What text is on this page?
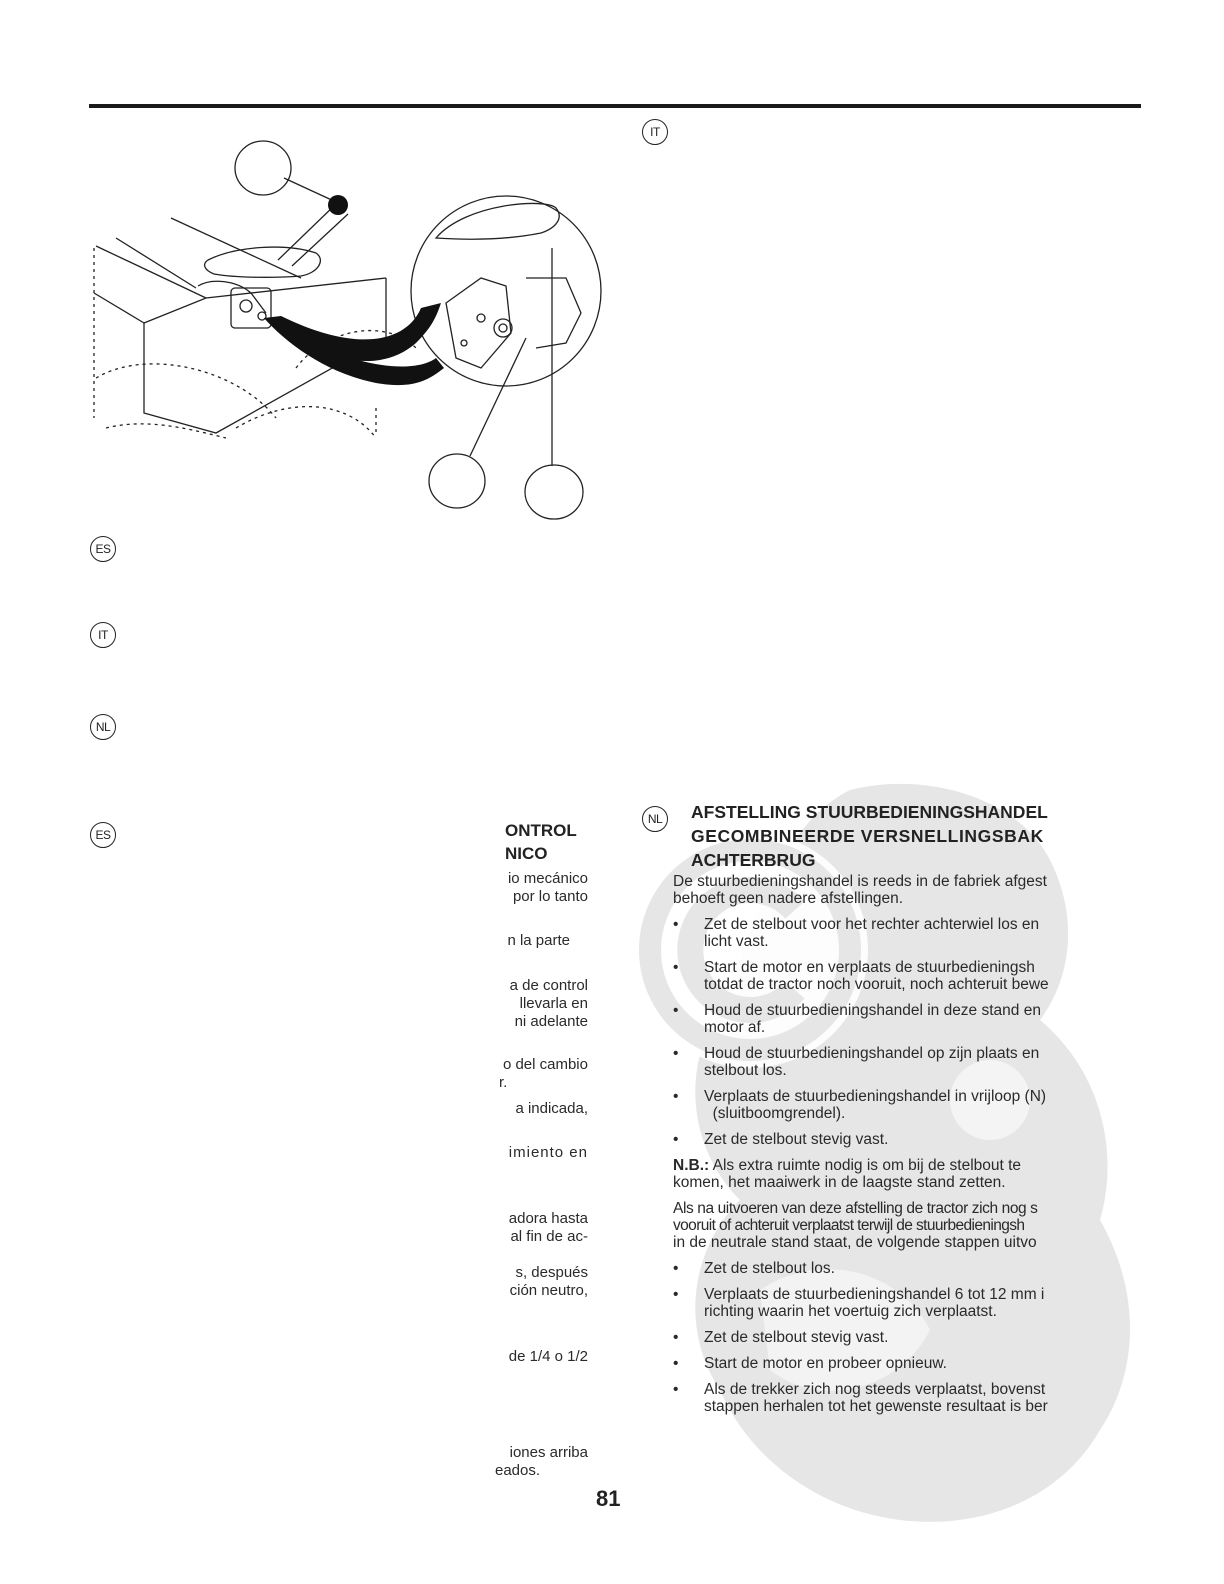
IT
ES
IT
NL
ES
NL
ONTROL
NICO
io mecánico
por lo tanto
n la parte
a de control
llevarla en
ni adelante
o del cambio
r.
a indicada,
imiento en
adora hasta
al fin de ac-
s, después
ción neutro,
de 1/4 o 1/2
iones arriba
eados.
AFSTELLING STUURBEDIENINGSHANDEL
GECOMBINEERDE VERSNELLINGSBAK
ACHTERBRUG
De stuurbedieningshandel is reeds in de fabriek afgest
behoeft geen nadere afstellingen.
• Zet de stelbout voor het rechter achterwiel los en
licht vast.
• Start de motor en verplaats de stuurbedieningsh
totdat de tractor noch vooruit, noch achteruit bewe
• Houd de stuurbedieningshandel in deze stand en
motor af.
• Houd de stuurbedieningshandel op zijn plaats en
stelbout los.
• Verplaats de stuurbedieningshandel in vrijloop (N)
(sluitboomgrendel).
• Zet de stelbout stevig vast.
N.B.: Als extra ruimte nodig is om bij de stelbout te
komen, het maaiwerk in de laagste stand zetten.
Als na uitvoeren van deze afstelling de tractor zich nog s
vooruit of achteruit verplaatst terwijl de stuurbedieningsh
in de neutrale stand staat, de volgende stappen uitvo
• Zet de stelbout los.
• Verplaats de stuurbedieningshandel 6 tot 12 mm i
richting waarin het voertuig zich verplaatst.
• Zet de stelbout stevig vast.
• Start de motor en probeer opnieuw.
• Als de trekker zich nog steeds verplaatst, bovenst
stappen herhalen tot het gewenste resultaat is ber
81
